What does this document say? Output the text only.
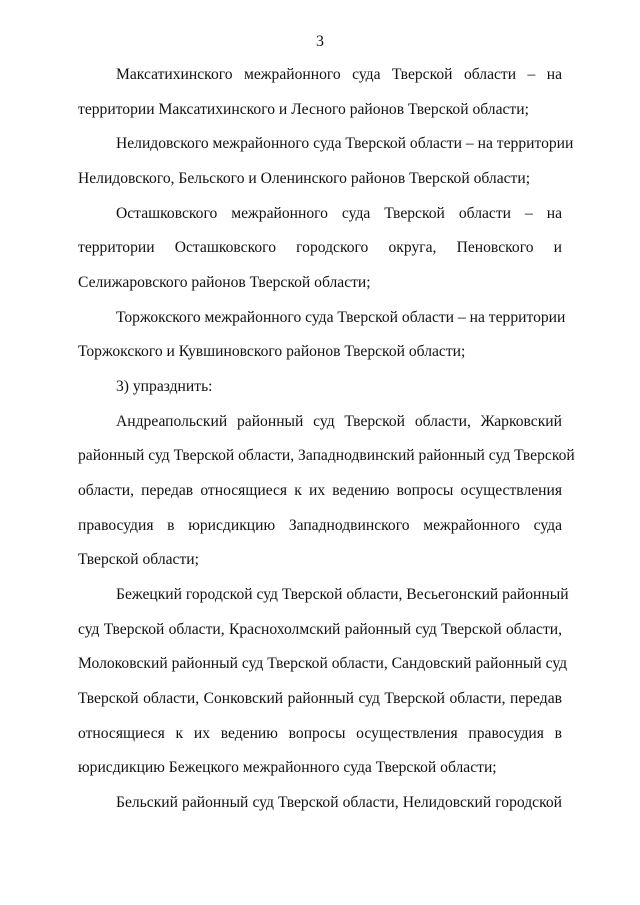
3
Максатихинского межрайонного суда Тверской области – на
территории Максатихинского и Лесного районов Тверской области;
Нелидовского межрайонного суда Тверской области – на территории
Нелидовского, Бельского и Оленинского районов Тверской области;
Осташковского межрайонного суда Тверской области – на
территории Осташковского городского округа, Пеновского и
Селижаровского районов Тверской области;
Торжокского межрайонного суда Тверской области – на территории
Торжокского и Кувшиновского районов Тверской области;
3) упразднить:
Андреапольский районный суд Тверской области, Жарковский
районный суд Тверской области, Западнодвинский районный суд Тверской
области, передав относящиеся к их ведению вопросы осуществления
правосудия в юрисдикцию Западнодвинского межрайонного суда
Тверской области;
Бежецкий городской суд Тверской области, Весьегонский районный
суд Тверской области, Краснохолмский районный суд Тверской области,
Молоковский районный суд Тверской области, Сандовский районный суд
Тверской области, Сонковский районный суд Тверской области, передав
относящиеся к их ведению вопросы осуществления правосудия в
юрисдикцию Бежецкого межрайонного суда Тверской области;
Бельский районный суд Тверской области, Нелидовский городской
